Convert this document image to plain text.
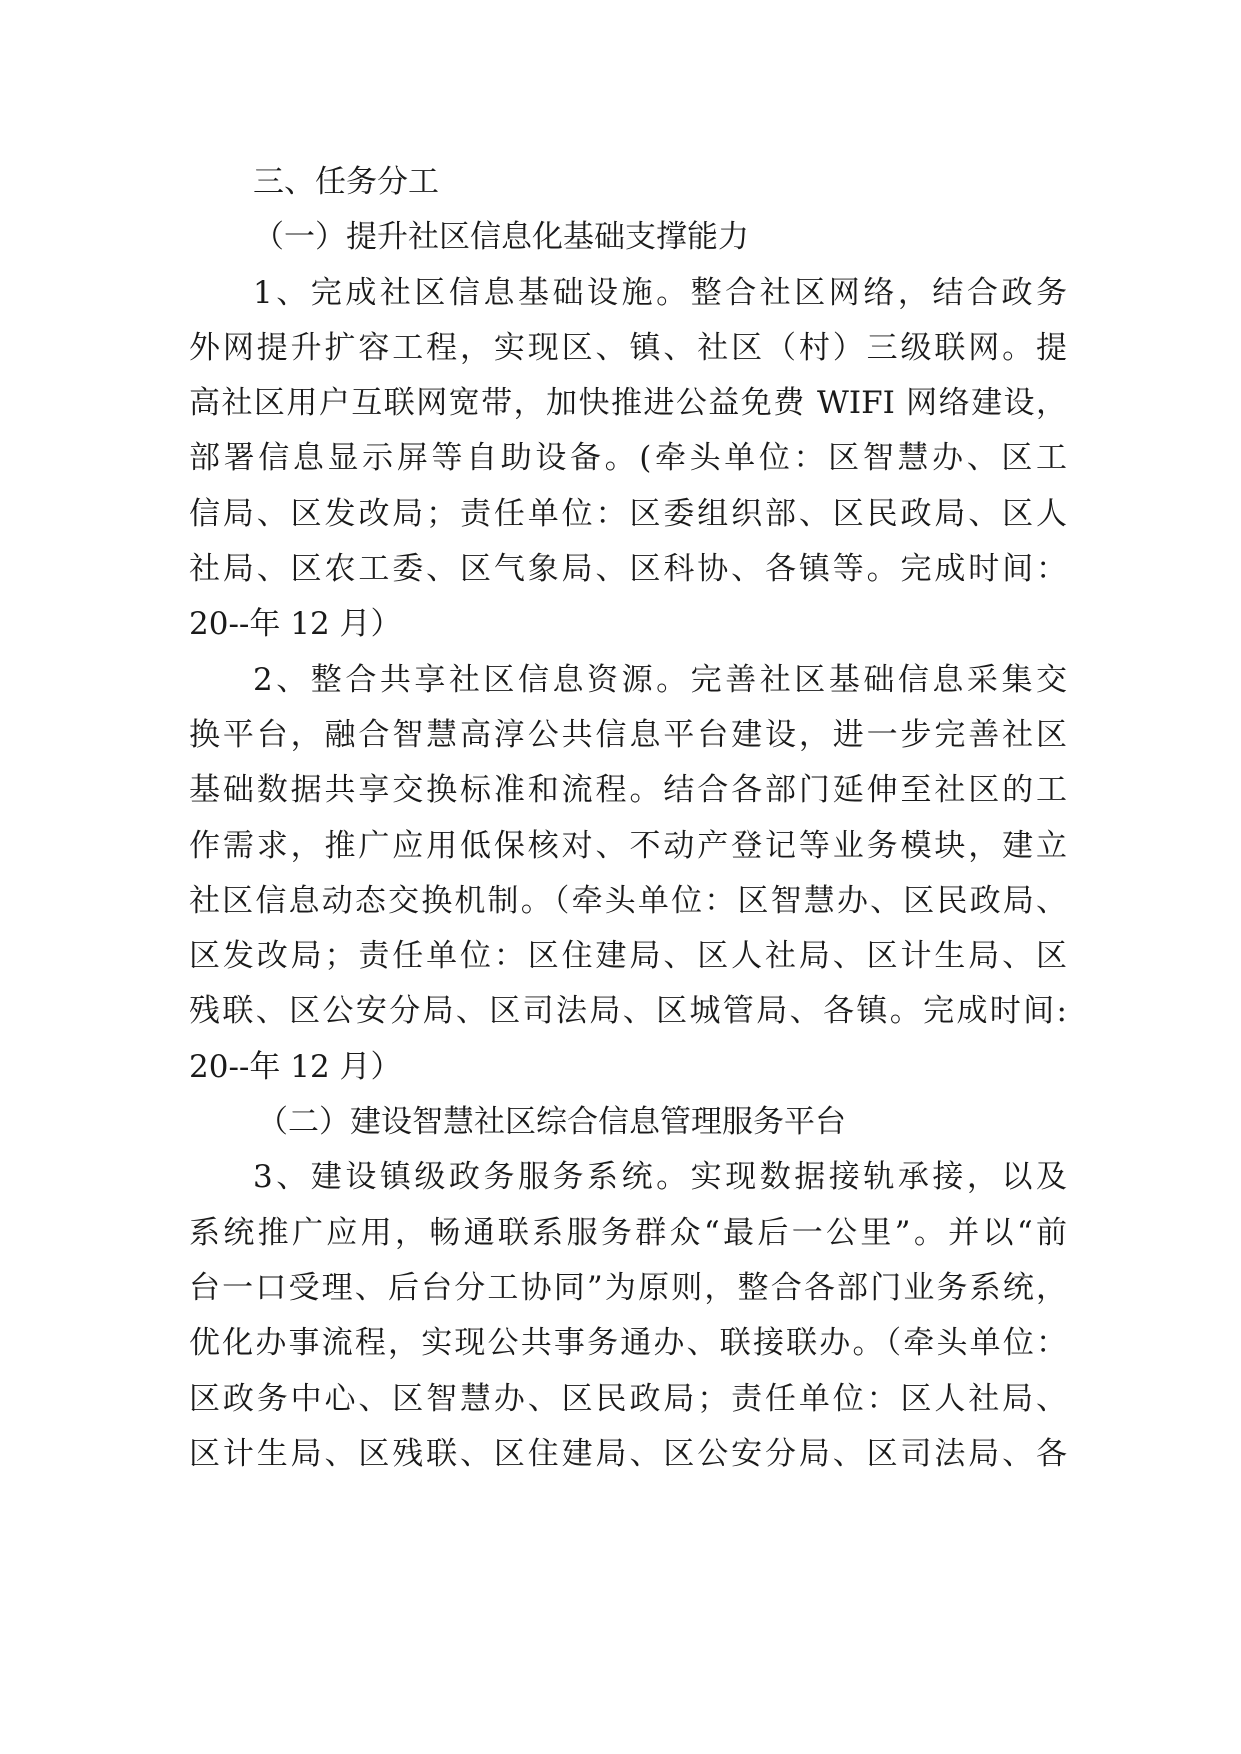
三、任务分工
（一）提升社区信息化基础支撑能力
1、完成社区信息基础设施。整合社区网络，结合政务
外网提升扩容工程，实现区、镇、社区（村）三级联网。提
高社区用户互联网宽带，加快推进公益免费 WIFI 网络建设，
部署信息显示屏等自助设备。(牵头单位：区智慧办、区工
信局、区发改局；责任单位：区委组织部、区民政局、区人
社局、区农工委、区气象局、区科协、各镇等。完成时间：
20--年 12 月）
2、整合共享社区信息资源。完善社区基础信息采集交
换平台，融合智慧高淳公共信息平台建设，进一步完善社区
基础数据共享交换标准和流程。结合各部门延伸至社区的工
作需求，推广应用低保核对、不动产登记等业务模块，建立
社区信息动态交换机制。（牵头单位：区智慧办、区民政局、
区发改局；责任单位：区住建局、区人社局、区计生局、区
残联、区公安分局、区司法局、区城管局、各镇。完成时间:
20--年 12 月）
（二）建设智慧社区综合信息管理服务平台
3、建设镇级政务服务系统。实现数据接轨承接，以及
系统推广应用，畅通联系服务群众“最后一公里”。并以“前
台一口受理、后台分工协同”为原则，整合各部门业务系统，
优化办事流程，实现公共事务通办、联接联办。（牵头单位：
区政务中心、区智慧办、区民政局；责任单位：区人社局、
区计生局、区残联、区住建局、区公安分局、区司法局、各
